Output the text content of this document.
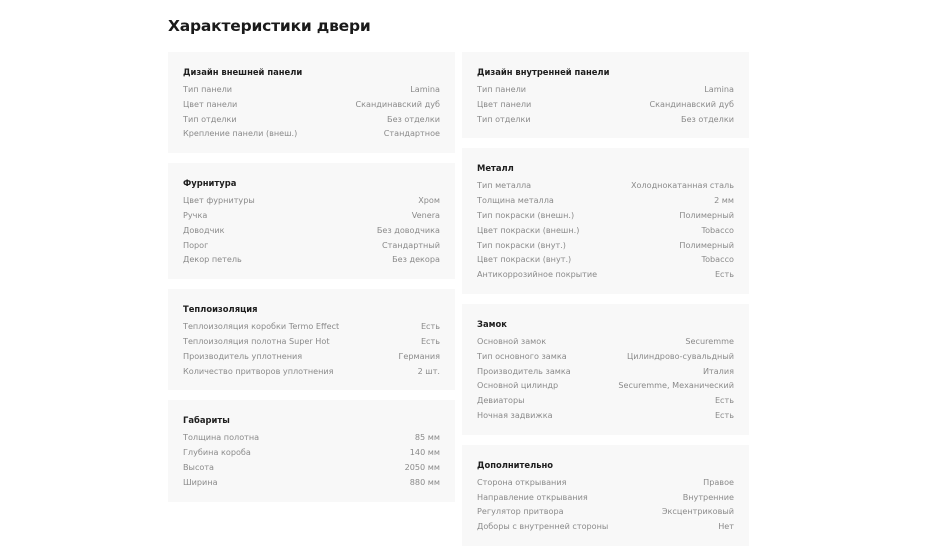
Характеристики двери
Дизайн внешней панели
Тип панели	Lamina
Цвет панели	Скандинавский дуб
Тип отделки	Без отделки
Крепление панели (внеш.)	Стандартное
Фурнитура
Цвет фурнитуры	Хром
Ручка	Venera
Доводчик	Без доводчика
Порог	Стандартный
Декор петель	Без декора
Теплоизоляция
Теплоизоляция коробки Termo Effect	Есть
Теплоизоляция полотна Super Hot	Есть
Производитель уплотнения	Германия
Количество притворов уплотнения	2 шт.
Габариты
Толщина полотна	85 мм
Глубина короба	140 мм
Высота	2050 мм
Ширина	880 мм
Дизайн внутренней панели
Тип панели	Lamina
Цвет панели	Скандинавский дуб
Тип отделки	Без отделки
Металл
Тип металла	Холоднокатанная сталь
Толщина металла	2 мм
Тип покраски (внешн.)	Полимерный
Цвет покраски (внешн.)	Tobacco
Тип покраски (внут.)	Полимерный
Цвет покраски (внут.)	Tobacco
Антикоррозийное покрытие	Есть
Замок
Основной замок	Securemme
Тип основного замка	Цилиндрово-сувальдный
Производитель замка	Италия
Основной цилиндр	Securemme, Механический
Девиаторы	Есть
Ночная задвижка	Есть
Дополнительно
Сторона открывания	Правое
Направление открывания	Внутренние
Регулятор притвора	Эксцентриковый
Доборы с внутренней стороны	Нет
